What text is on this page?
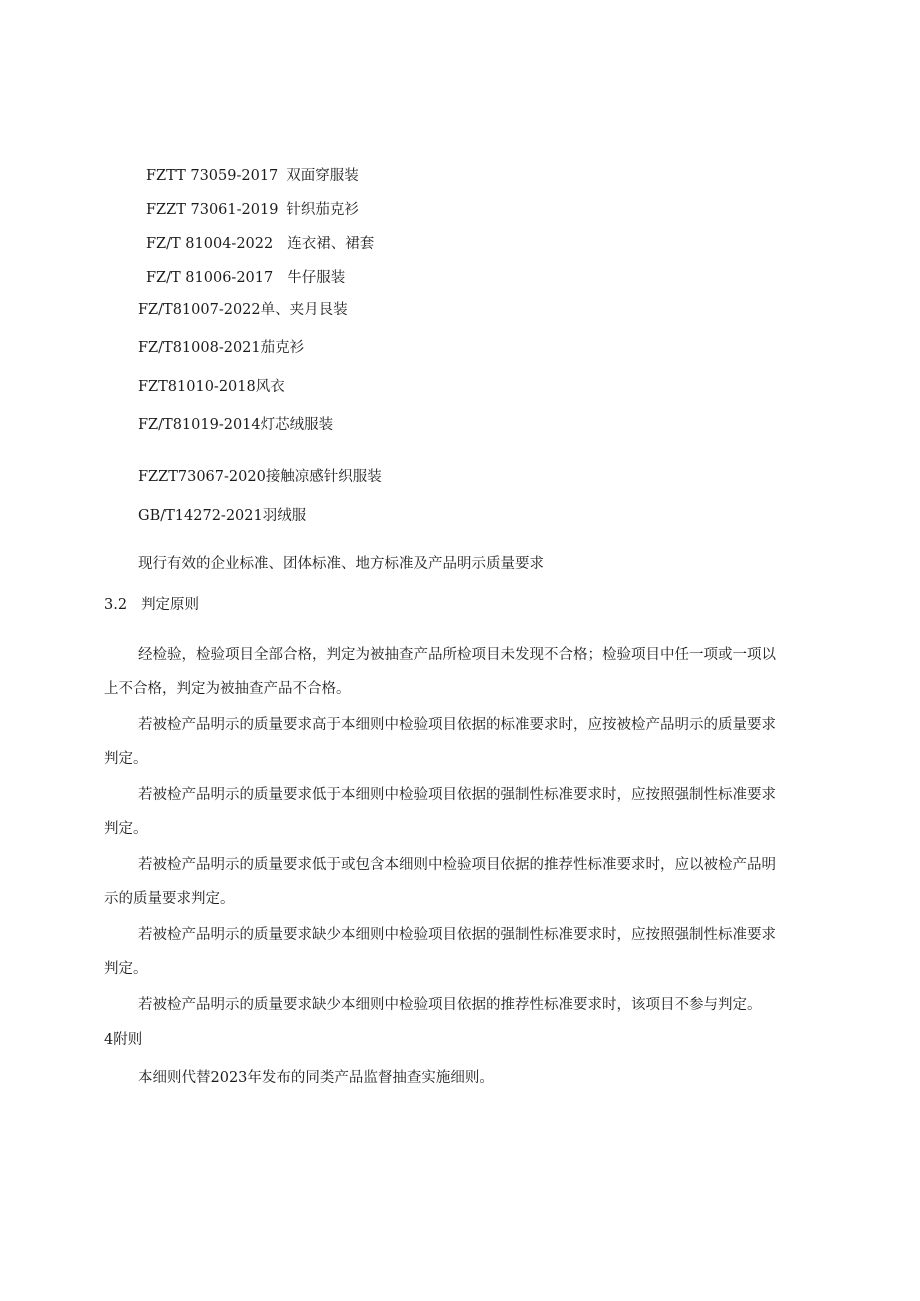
FZTT 73059-2017 双面穿服装
FZZT 73061-2019 针织茄克衫
FZ/T 81004-2022 连衣裙、裙套
FZ/T 81006-2017 牛仔服装
FZ/T81007-2022单、夹月艮装
FZ/T81008-2021茄克衫
FZT81010-2018风衣
FZ/T81019-2014灯芯绒服装
FZZT73067-2020接触凉感针织服装
GB/T14272-2021羽绒服
现行有效的企业标准、团体标准、地方标准及产品明示质量要求
3.2 判定原则
经检验，检验项目全部合格，判定为被抽查产品所检项目未发现不合格；检验项目中任一项或一项以
上不合格，判定为被抽查产品不合格。
若被检产品明示的质量要求高于本细则中检验项目依据的标准要求时，应按被检产品明示的质量要求
判定。
若被检产品明示的质量要求低于本细则中检验项目依据的强制性标准要求时，应按照强制性标准要求
判定。
若被检产品明示的质量要求低于或包含本细则中检验项目依据的推荐性标准要求时，应以被检产品明
示的质量要求判定。
若被检产品明示的质量要求缺少本细则中检验项目依据的强制性标准要求时，应按照强制性标准要求
判定。
若被检产品明示的质量要求缺少本细则中检验项目依据的推荐性标准要求时，该项目不参与判定。
4附则
本细则代替2023年发布的同类产品监督抽查实施细则。
